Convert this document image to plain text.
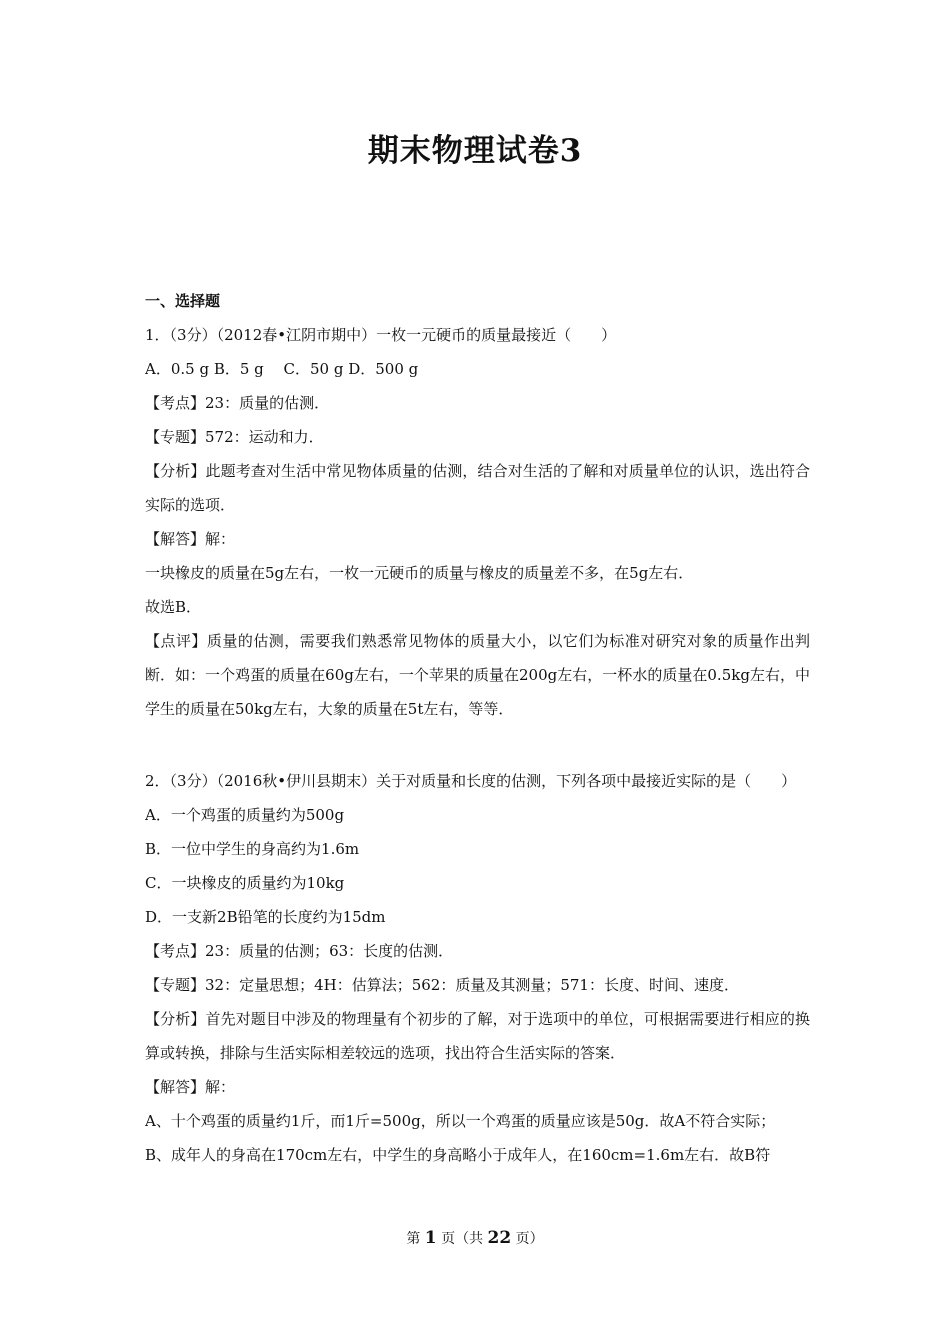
期末物理试卷3
一、选择题
1．（3分）（2012春•江阴市期中）一枚一元硬币的质量最接近（　　）
A．0.5 g B．5 g　 C．50 g D．500 g
【考点】23：质量的估测．
【专题】572：运动和力．
【分析】此题考查对生活中常见物体质量的估测，结合对生活的了解和对质量单位的认识，选出符合实际的选项．
【解答】解：
一块橡皮的质量在5g左右，一枚一元硬币的质量与橡皮的质量差不多，在5g左右．
故选B．
【点评】质量的估测，需要我们熟悉常见物体的质量大小，以它们为标准对研究对象的质量作出判断．如：一个鸡蛋的质量在60g左右，一个苹果的质量在200g左右，一杯水的质量在0.5kg左右，中学生的质量在50kg左右，大象的质量在5t左右，等等．
2．（3分）（2016秋•伊川县期末）关于对质量和长度的估测，下列各项中最接近实际的是（　　）
A．一个鸡蛋的质量约为500g
B．一位中学生的身高约为1.6m
C．一块橡皮的质量约为10kg
D．一支新2B铅笔的长度约为15dm
【考点】23：质量的估测；63：长度的估测．
【专题】32：定量思想；4H：估算法；562：质量及其测量；571：长度、时间、速度．
【分析】首先对题目中涉及的物理量有个初步的了解，对于选项中的单位，可根据需要进行相应的换算或转换，排除与生活实际相差较远的选项，找出符合生活实际的答案．
【解答】解：
A、十个鸡蛋的质量约1斤，而1斤=500g，所以一个鸡蛋的质量应该是50g．故A不符合实际；
B、成年人的身高在170cm左右，中学生的身高略小于成年人，在160cm=1.6m左右．故B符
第 1 页（共 22 页）
